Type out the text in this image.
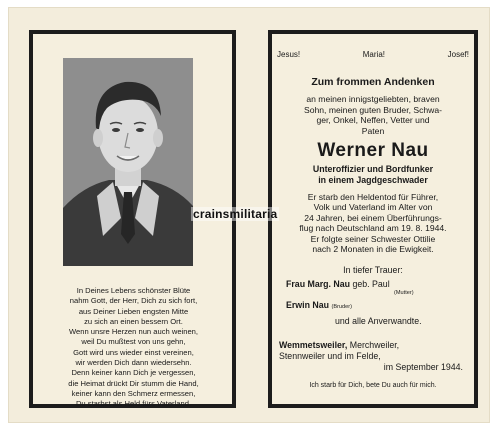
In Deines Lebens schönster Blüte
nahm Gott, der Herr, Dich zu sich fort,
aus Deiner Lieben engsten Mitte
zu sich an einen bessern Ort.
Wenn unsre Herzen nun auch weinen,
weil Du mußtest von uns gehn,
Gott wird uns wieder einst vereinen,
wir werden Dich dann wiedersehn.
Denn keiner kann Dich je vergessen,
die Heimat drückt Dir stumm die Hand,
keiner kann den Schmerz ermessen,
Du starbst als Held fürs Vaterland.
Jesus!	Maria!	Josef!
Zum frommen Andenken
an meinen innigstgeliebten, braven
Sohn, meinen guten Bruder, Schwa-
ger, Onkel, Neffen, Vetter und
Paten
Werner Nau
Unteroffizier und Bordfunker
in einem Jagdgeschwader
Er starb den Heldentod für Führer,
Volk und Vaterland im Alter von
24 Jahren, bei einem Überführungs-
flug nach Deutschland am 19. 8. 1944.
Er folgte seiner Schwester Ottilie
nach 2 Monaten in die Ewigkeit.
In tiefer Trauer:
Frau Marg. Nau geb. Paul
(Mutter)
Erwin Nau (Bruder)
und alle Anverwandte.
Wemmetsweiler, Merchweiler,
Stennweiler und im Felde,
im September 1944.
Ich starb für Dich, bete Du auch für mich.
crainsmilitaria
